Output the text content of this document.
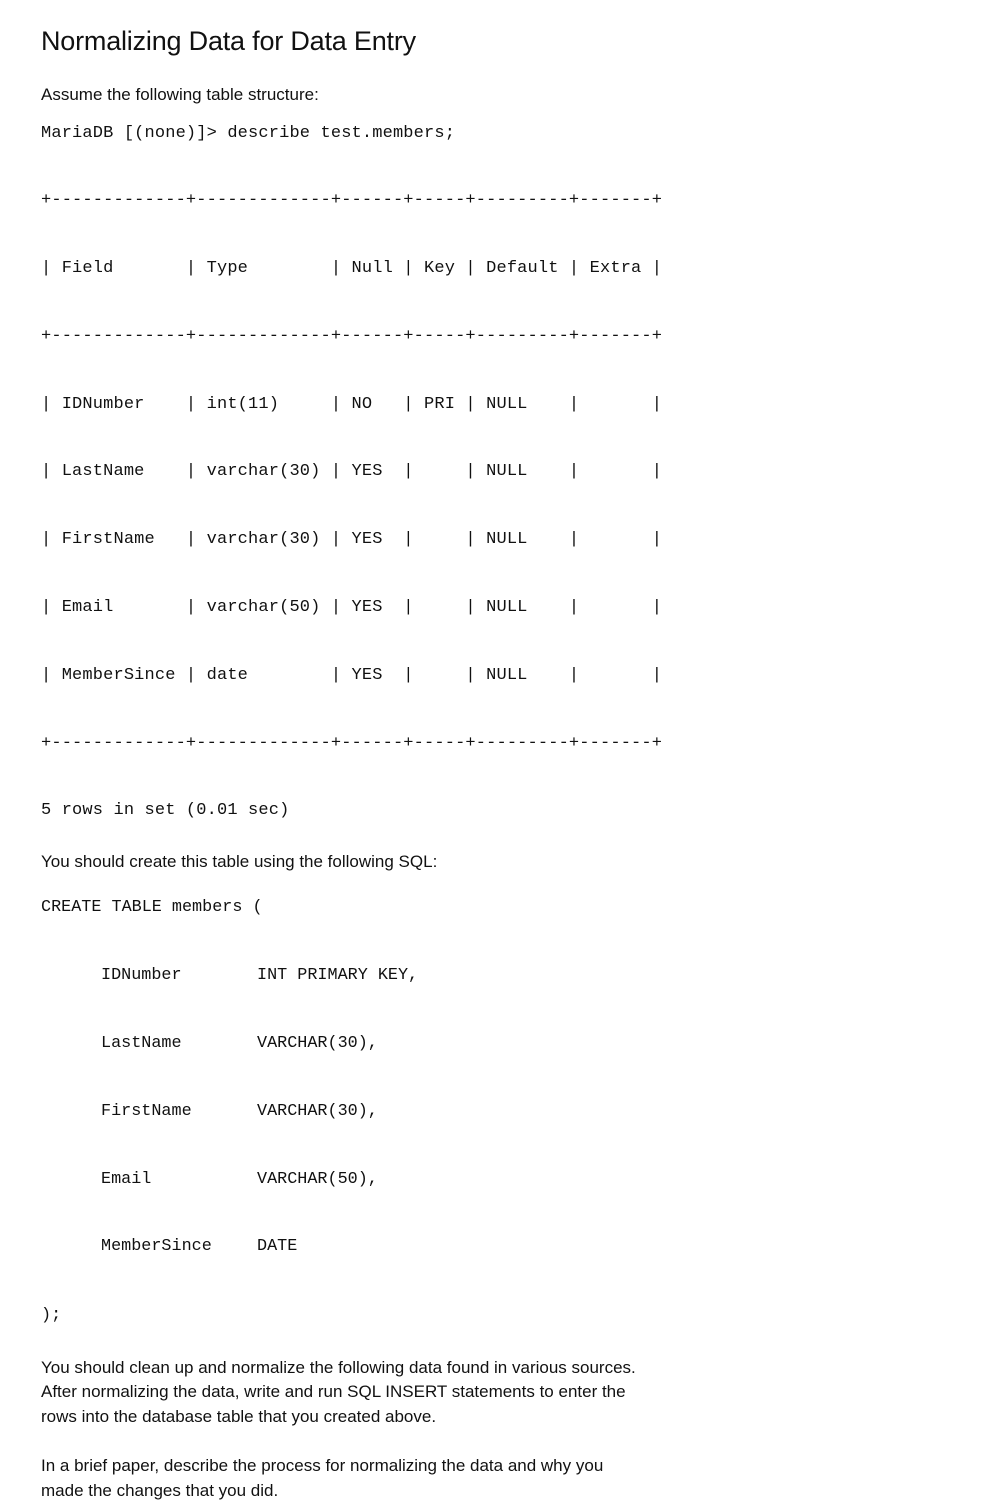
Normalizing Data for Data Entry

Assume the following table structure:

MariaDB [(none)]> describe test.members;

+-------------+-------------+------+-----+---------+-------+

| Field       | Type        | Null | Key | Default | Extra |

+-------------+-------------+------+-----+---------+-------+

| IDNumber    | int(11)     | NO   | PRI | NULL    |       |

| LastName    | varchar(30) | YES  |     | NULL    |       |

| FirstName   | varchar(30) | YES  |     | NULL    |       |

| Email       | varchar(50) | YES  |     | NULL    |       |

| MemberSince | date        | YES  |     | NULL    |       |

+-------------+-------------+------+-----+---------+-------+

5 rows in set (0.01 sec)

You should create this table using the following SQL:

CREATE TABLE members (

IDNumber	INT PRIMARY KEY,

LastName	VARCHAR(30),

FirstName	VARCHAR(30),

Email	VARCHAR(50),

MemberSince	DATE

);

You should clean up and normalize the following data found in various sources.

After normalizing the data, write and run SQL INSERT statements to enter the

rows into the database table that you created above.

In a brief paper, describe the process for normalizing the data and why you

made the changes that you did.
